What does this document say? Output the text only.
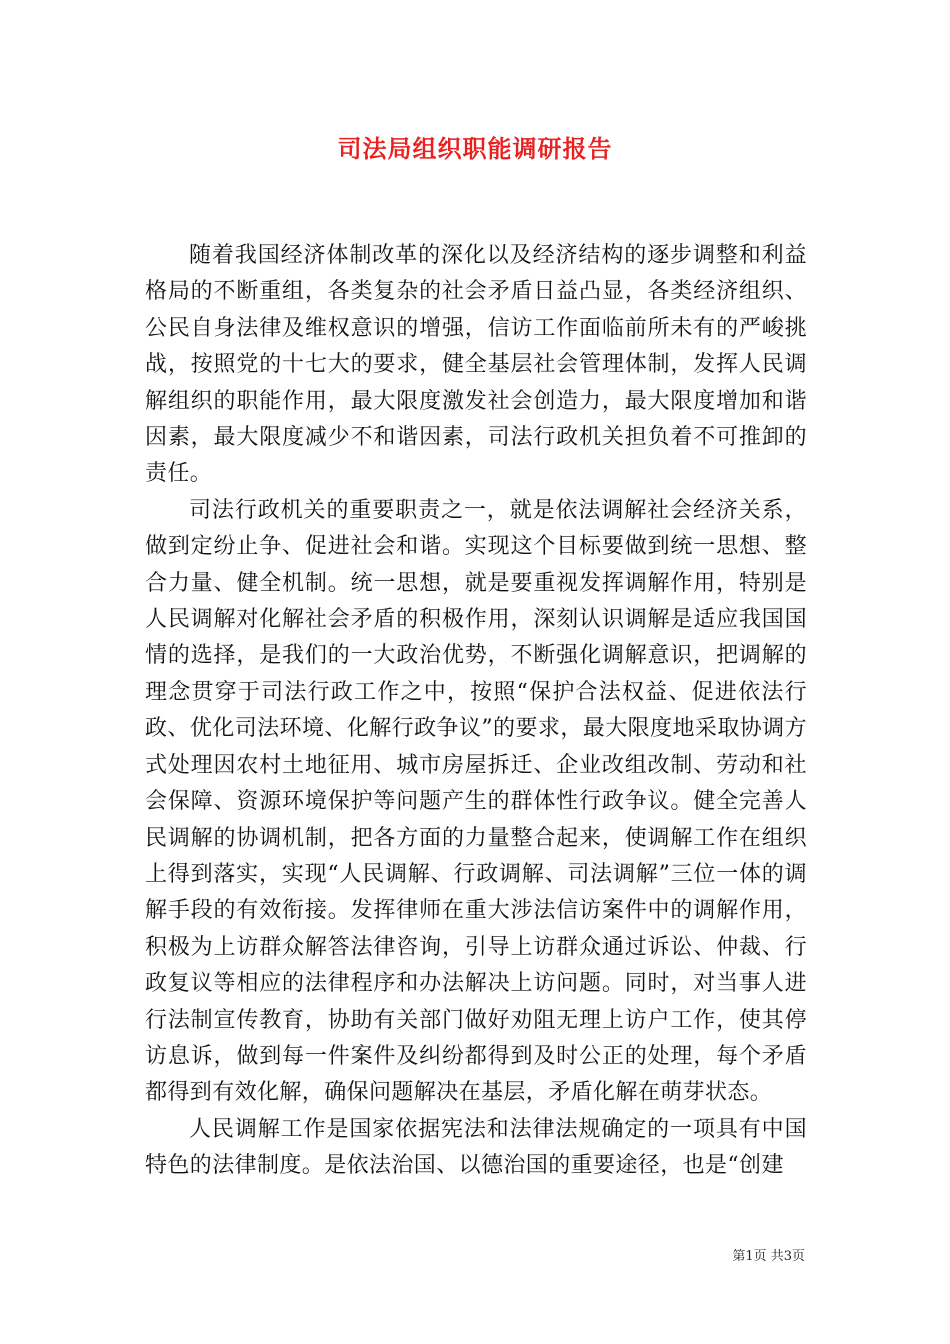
司法局组织职能调研报告

随着我国经济体制改革的深化以及经济结构的逐步调整和利益格局的不断重组，各类复杂的社会矛盾日益凸显，各类经济组织、公民自身法律及维权意识的增强，信访工作面临前所未有的严峻挑战，按照党的十七大的要求，健全基层社会管理体制，发挥人民调解组织的职能作用，最大限度激发社会创造力，最大限度增加和谐因素，最大限度减少不和谐因素，司法行政机关担负着不可推卸的责任。

司法行政机关的重要职责之一，就是依法调解社会经济关系，做到定纷止争、促进社会和谐。实现这个目标要做到统一思想、整合力量、健全机制。统一思想，就是要重视发挥调解作用，特别是人民调解对化解社会矛盾的积极作用，深刻认识调解是适应我国国情的选择，是我们的一大政治优势，不断强化调解意识，把调解的理念贯穿于司法行政工作之中，按照“保护合法权益、促进依法行政、优化司法环境、化解行政争议”的要求，最大限度地采取协调方式处理因农村土地征用、城市房屋拆迁、企业改组改制、劳动和社会保障、资源环境保护等问题产生的群体性行政争议。健全完善人民调解的协调机制，把各方面的力量整合起来，使调解工作在组织上得到落实，实现“人民调解、行政调解、司法调解”三位一体的调解手段的有效衔接。发挥律师在重大涉法信访案件中的调解作用，积极为上访群众解答法律咨询，引导上访群众通过诉讼、仲裁、行政复议等相应的法律程序和办法解决上访问题。同时，对当事人进行法制宣传教育，协助有关部门做好劝阻无理上访户工作，使其停访息诉，做到每一件案件及纠纷都得到及时公正的处理，每个矛盾都得到有效化解，确保问题解决在基层，矛盾化解在萌芽状态。

人民调解工作是国家依据宪法和法律法规确定的一项具有中国特色的法律制度。是依法治国、以德治国的重要途径，也是“创建

第1页 共3页
